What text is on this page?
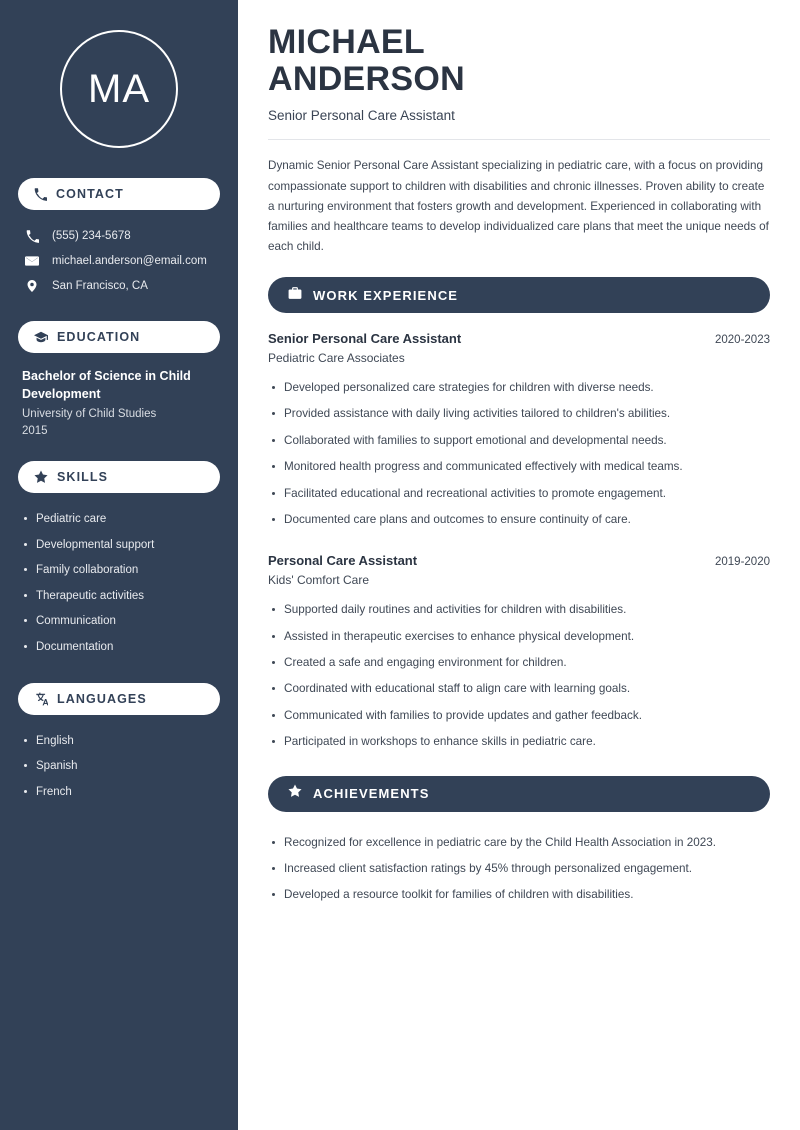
MA
CONTACT
(555) 234-5678
michael.anderson@email.com
San Francisco, CA
EDUCATION
Bachelor of Science in Child Development
University of Child Studies
2015
SKILLS
Pediatric care
Developmental support
Family collaboration
Therapeutic activities
Communication
Documentation
LANGUAGES
English
Spanish
French
MICHAEL
ANDERSON
Senior Personal Care Assistant
Dynamic Senior Personal Care Assistant specializing in pediatric care, with a focus on providing compassionate support to children with disabilities and chronic illnesses. Proven ability to create a nurturing environment that fosters growth and development. Experienced in collaborating with families and healthcare teams to develop individualized care plans that meet the unique needs of each child.
WORK EXPERIENCE
Senior Personal Care Assistant	2020-2023
Pediatric Care Associates
Developed personalized care strategies for children with diverse needs.
Provided assistance with daily living activities tailored to children's abilities.
Collaborated with families to support emotional and developmental needs.
Monitored health progress and communicated effectively with medical teams.
Facilitated educational and recreational activities to promote engagement.
Documented care plans and outcomes to ensure continuity of care.
Personal Care Assistant	2019-2020
Kids' Comfort Care
Supported daily routines and activities for children with disabilities.
Assisted in therapeutic exercises to enhance physical development.
Created a safe and engaging environment for children.
Coordinated with educational staff to align care with learning goals.
Communicated with families to provide updates and gather feedback.
Participated in workshops to enhance skills in pediatric care.
ACHIEVEMENTS
Recognized for excellence in pediatric care by the Child Health Association in 2023.
Increased client satisfaction ratings by 45% through personalized engagement.
Developed a resource toolkit for families of children with disabilities.
